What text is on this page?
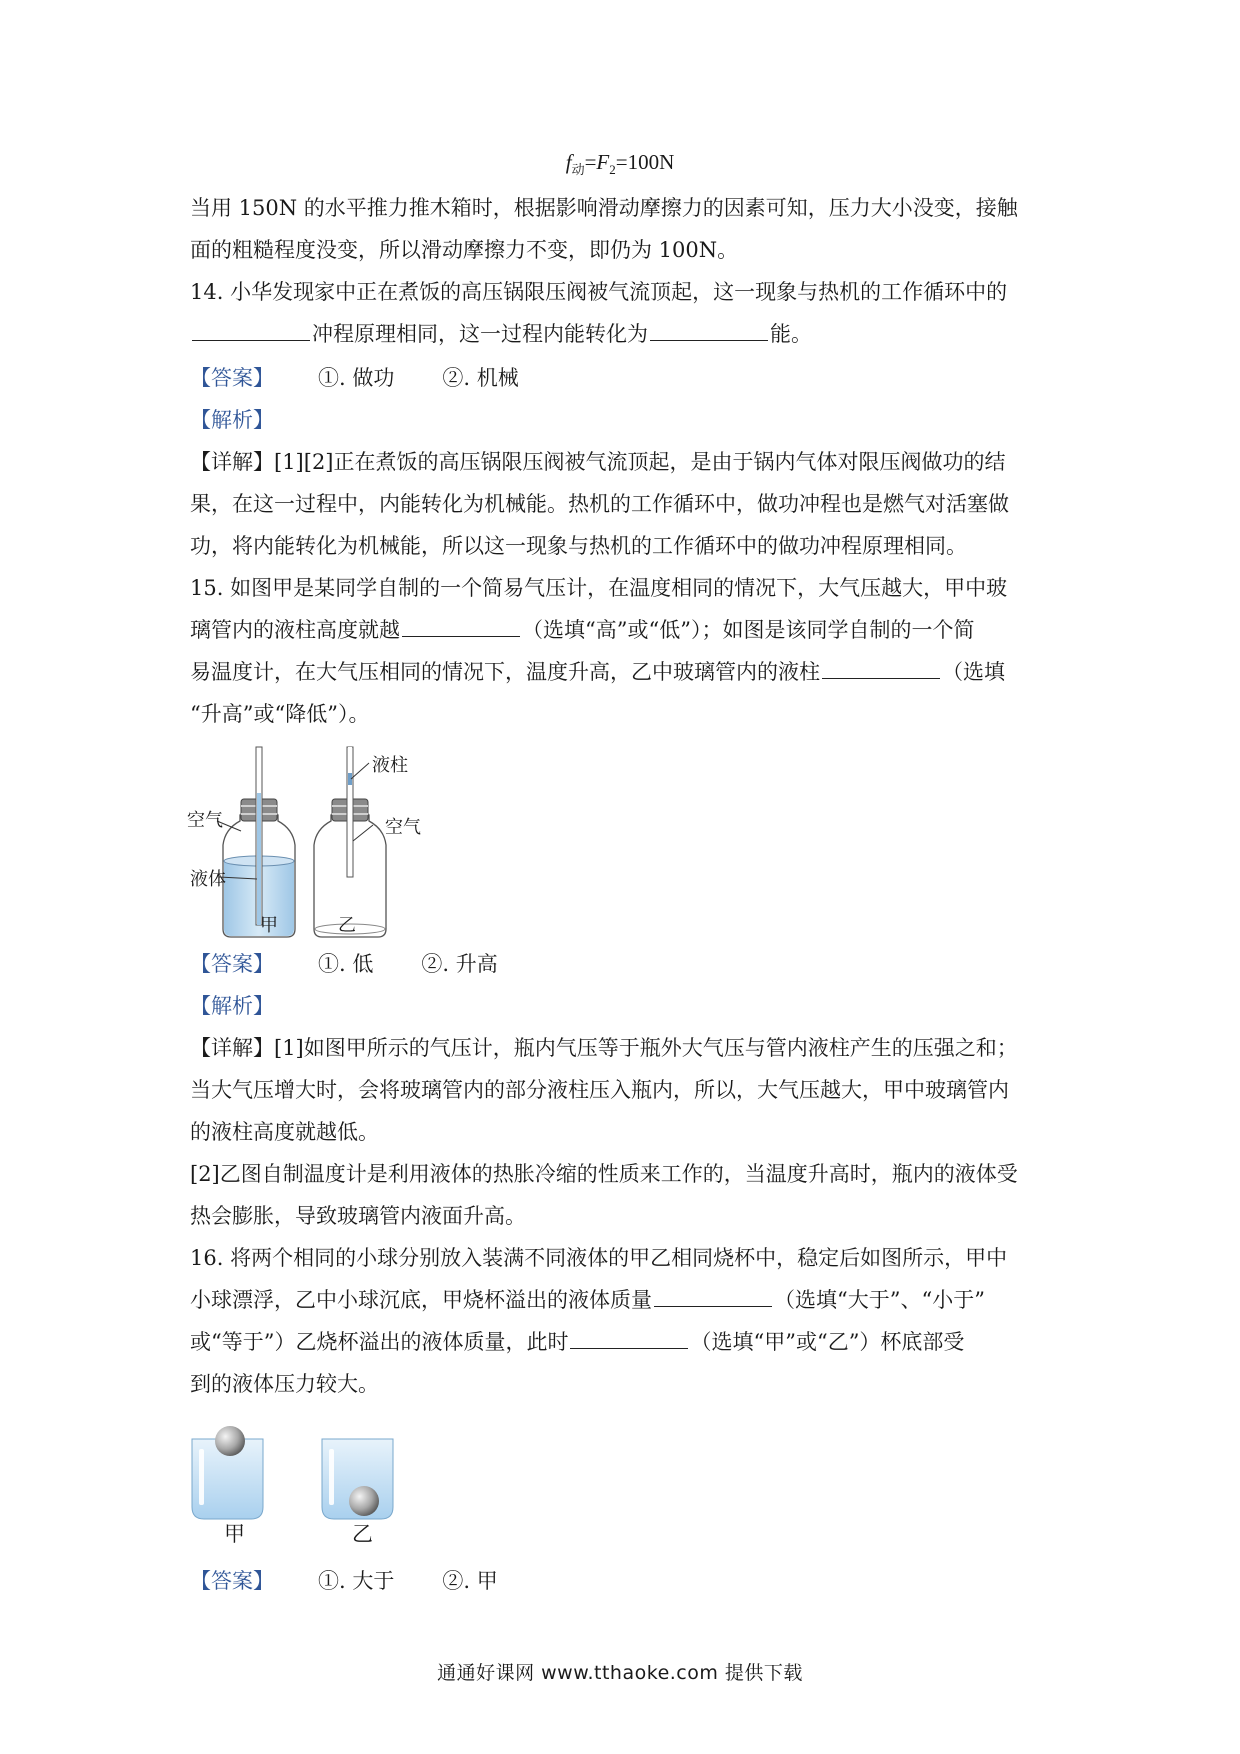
$f_动=F_2=100N$
当用 150N 的水平推力推木箱时，根据影响滑动摩擦力的因素可知，压力大小没变，接触
面的粗糙程度没变，所以滑动摩擦力不变，即仍为 100N。
14. 小华发现家中正在煮饭的高压锅限压阀被气流顶起，这一现象与热机的工作循环中的
冲程原理相同，这一过程内能转化为	能。
【答案】 ①. 做功 ②. 机械
【解析】
【详解】[1][2]正在煮饭的高压锅限压阀被气流顶起，是由于锅内气体对限压阀做功的结
果，在这一过程中，内能转化为机械能。热机的工作循环中，做功冲程也是燃气对活塞做
功，将内能转化为机械能，所以这一现象与热机的工作循环中的做功冲程原理相同。
15. 如图甲是某同学自制的一个简易气压计，在温度相同的情况下，大气压越大，甲中玻
璃管内的液柱高度就越	（选填“高”或“低”）；如图是该同学自制的一个简
易温度计，在大气压相同的情况下，温度升高，乙中玻璃管内的液柱	（选填
“升高”或“降低”）。
空气
液体
液柱
空气
甲	乙
【答案】 ①. 低 ②. 升高
【解析】
【详解】[1]如图甲所示的气压计，瓶内气压等于瓶外大气压与管内液柱产生的压强之和；
当大气压增大时，会将玻璃管内的部分液柱压入瓶内，所以，大气压越大，甲中玻璃管内
的液柱高度就越低。
[2]乙图自制温度计是利用液体的热胀冷缩的性质来工作的，当温度升高时，瓶内的液体受
热会膨胀，导致玻璃管内液面升高。
16. 将两个相同的小球分别放入装满不同液体的甲乙相同烧杯中，稳定后如图所示，甲中
小球漂浮，乙中小球沉底，甲烧杯溢出的液体质量	（选填“大于”、“小于”
或“等于”）乙烧杯溢出的液体质量，此时	（选填“甲”或“乙”）杯底部受
到的液体压力较大。
甲	乙
【答案】 ①. 大于 ②. 甲
通通好课网 www.tthaoke.com 提供下载
